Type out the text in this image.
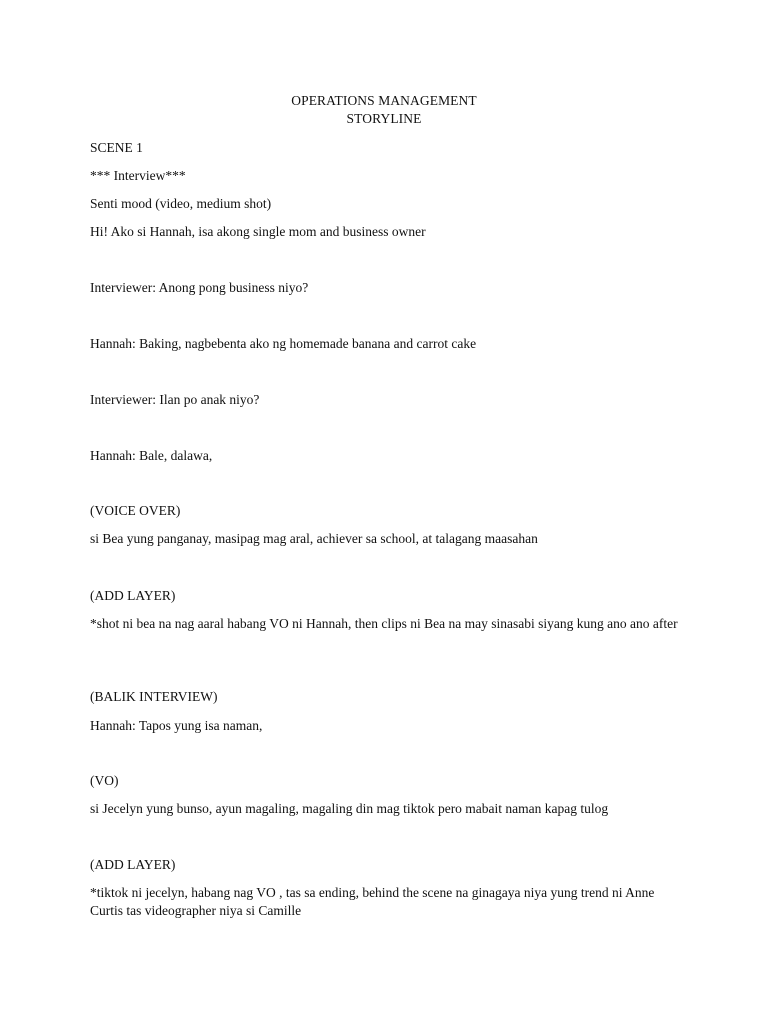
OPERATIONS MANAGEMENT
STORYLINE
SCENE 1
*** Interview***
Senti mood (video, medium shot)
Hi! Ako si Hannah, isa akong single mom and business owner
Interviewer: Anong pong business niyo?
Hannah: Baking, nagbebenta ako ng homemade banana and carrot cake
Interviewer: Ilan po anak niyo?
Hannah: Bale, dalawa,
(VOICE OVER)
si Bea yung panganay, masipag mag aral, achiever sa school, at talagang maasahan
(ADD LAYER)
*shot ni bea na nag aaral habang VO ni Hannah, then clips ni Bea na may sinasabi siyang kung ano ano after
(BALIK INTERVIEW)
Hannah: Tapos yung isa naman,
(VO)
si Jecelyn yung bunso, ayun magaling, magaling din mag tiktok pero mabait naman kapag tulog
(ADD LAYER)
*tiktok ni jecelyn, habang nag VO , tas sa ending, behind the scene na ginagaya niya yung trend ni Anne Curtis tas videographer niya si Camille
